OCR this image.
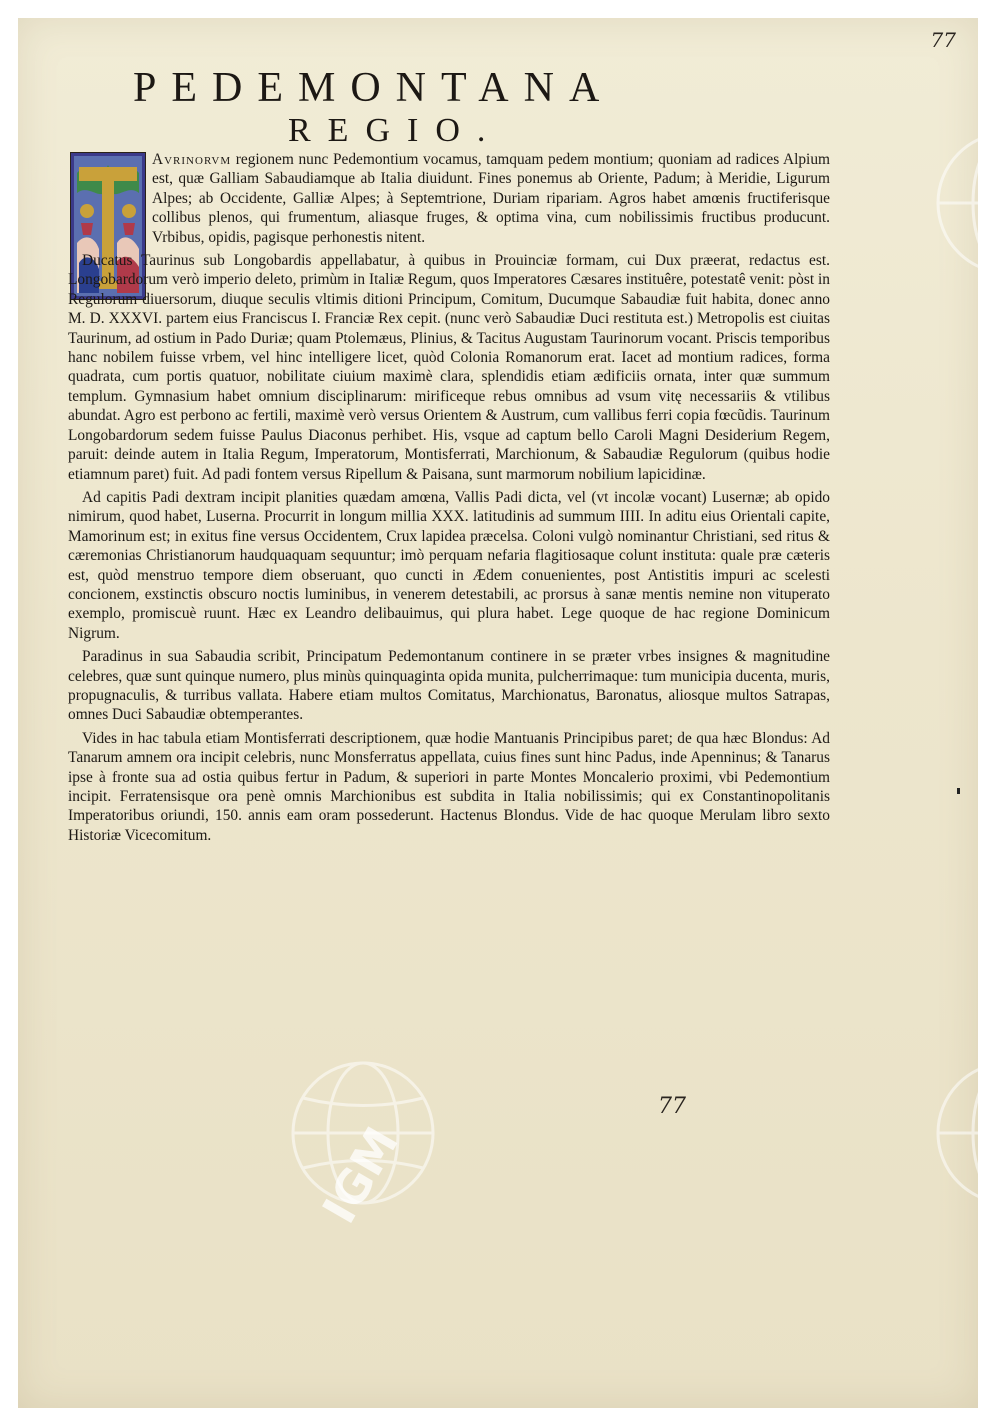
77
PEDEMONTANA
REGIO.

Avrinorvm regionem nunc Pedemontium vocamus, tamquam pedem montium; quoniam ad radices Alpium est, quæ Galliam Sabaudiamque ab Italia diuidunt. Fines ponemus ab Oriente, Padum; à Meridie, Ligurum Alpes; ab Occidente, Galliæ Alpes; à Septemtrione, Duriam ripariam. Agros habet amœnis fructiferisque collibus plenos, qui frumentum, aliasque fruges, & optima vina, cum nobilissimis fructibus producunt. Vrbibus, opidis, pagisque perhonestis nitent.

Ducatus Taurinus sub Longobardis appellabatur, à quibus in Prouinciæ formam, cui Dux præerat, redactus est. Longobardorum verò imperio deleto, primùm in Italiæ Regum, quos Imperatores Cæsares instituêre, potestatê venit: pòst in Regulorum diuersorum, diuque seculis vltimis ditioni Principum, Comitum, Ducumque Sabaudiæ fuit habita, donec anno M. D. XXXVI. partem eius Franciscus I. Franciæ Rex cepit. (nunc verò Sabaudiæ Duci restituta est.) Metropolis est ciuitas Taurinum, ad ostium in Pado Duriæ; quam Ptolemæus, Plinius, & Tacitus Augustam Taurinorum vocant. Priscis temporibus hanc nobilem fuisse vrbem, vel hinc intelligere licet, quòd Colonia Romanorum erat. Iacet ad montium radices, forma quadrata, cum portis quatuor, nobilitate ciuium maximè clara, splendidis etiam ædificiis ornata, inter quæ summum templum. Gymnasium habet omnium disciplinarum: mirificeque rebus omnibus ad vsum vitę necessariis & vtilibus abundat. Agro est perbono ac fertili, maximè verò versus Orientem & Austrum, cum vallibus ferri copia fœcũdis. Taurinum Longobardorum sedem fuisse Paulus Diaconus perhibet. His, vsque ad captum bello Caroli Magni Desiderium Regem, paruit: deinde autem in Italia Regum, Imperatorum, Montisferrati, Marchionum, & Sabaudiæ Regulorum (quibus hodie etiamnum paret) fuit. Ad padi fontem versus Ripellum & Paisana, sunt marmorum nobilium lapicidinæ.

Ad capitis Padi dextram incipit planities quædam amœna, Vallis Padi dicta, vel (vt incolæ vocant) Lusernæ; ab opido nimirum, quod habet, Luserna. Procurrit in longum millia XXX. latitudinis ad summum IIII. In aditu eius Orientali capite, Mamorinum est; in exitus fine versus Occidentem, Crux lapidea præcelsa. Coloni vulgò nominantur Christiani, sed ritus & cæremonias Christianorum haudquaquam sequuntur; imò perquam nefaria flagitiosaque colunt instituta: quale præ cæteris est, quòd menstruo tempore diem obseruant, quo cuncti in Ædem conuenientes, post Antistitis impuri ac scelesti concionem, exstinctis obscuro noctis luminibus, in venerem detestabili, ac prorsus à sanæ mentis nemine non vituperato exemplo, promiscuè ruunt. Hæc ex Leandro delibauimus, qui plura habet. Lege quoque de hac regione Dominicum Nigrum.

Paradinus in sua Sabaudia scribit, Principatum Pedemontanum continere in se præter vrbes insignes & magnitudine celebres, quæ sunt quinque numero, plus minùs quinquaginta opida munita, pulcherrimaque: tum municipia ducenta, muris, propugnaculis, & turribus vallata. Habere etiam multos Comitatus, Marchionatus, Baronatus, aliosque multos Satrapas, omnes Duci Sabaudiæ obtemperantes.

Vides in hac tabula etiam Montisferrati descriptionem, quæ hodie Mantuanis Principibus paret; de qua hæc Blondus: Ad Tanarum amnem ora incipit celebris, nunc Monsferratus appellata, cuius fines sunt hinc Padus, inde Apenninus; & Tanarus ipse à fronte sua ad ostia quibus fertur in Padum, & superiori in parte Montes Moncalerio proximi, vbi Pedemontium incipit. Ferratensisque ora penè omnis Marchionibus est subdita in Italia nobilissimis; qui ex Constantinopolitanis Imperatoribus oriundi, 150. annis eam oram possederunt. Hactenus Blondus. Vide de hac quoque Merulam libro sexto Historiæ Vicecomitum.

77
IGM
